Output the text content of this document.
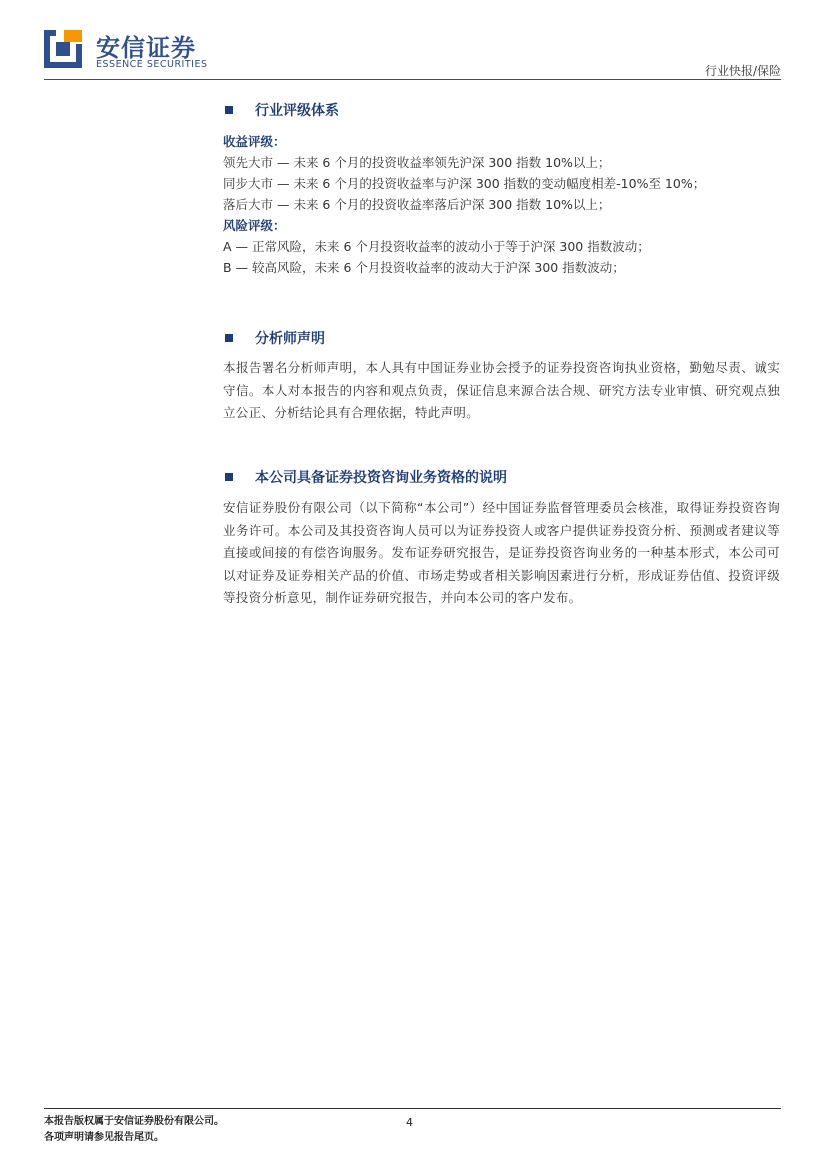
安信证券
ESSENCE SECURITIES	行业快报/保险
行业评级体系
收益评级：
领先大市 — 未来 6 个月的投资收益率领先沪深 300 指数 10%以上；
同步大市 — 未来 6 个月的投资收益率与沪深 300 指数的变动幅度相差-10%至 10%；
落后大市 — 未来 6 个月的投资收益率落后沪深 300 指数 10%以上；
风险评级：
A — 正常风险，未来 6 个月投资收益率的波动小于等于沪深 300 指数波动；
B — 较高风险，未来 6 个月投资收益率的波动大于沪深 300 指数波动；
分析师声明
本报告署名分析师声明，本人具有中国证券业协会授予的证券投资咨询执业资格，勤勉尽责、诚实守信。本人对本报告的内容和观点负责，保证信息来源合法合规、研究方法专业审慎、研究观点独立公正、分析结论具有合理依据，特此声明。
本公司具备证券投资咨询业务资格的说明
安信证券股份有限公司（以下简称“本公司”）经中国证券监督管理委员会核准，取得证券投资咨询业务许可。本公司及其投资咨询人员可以为证券投资人或客户提供证券投资分析、预测或者建议等直接或间接的有偿咨询服务。发布证券研究报告，是证券投资咨询业务的一种基本形式，本公司可以对证券及证券相关产品的价值、市场走势或者相关影响因素进行分析，形成证券估值、投资评级等投资分析意见，制作证券研究报告，并向本公司的客户发布。
本报告版权属于安信证券股份有限公司。
各项声明请参见报告尾页。
4
